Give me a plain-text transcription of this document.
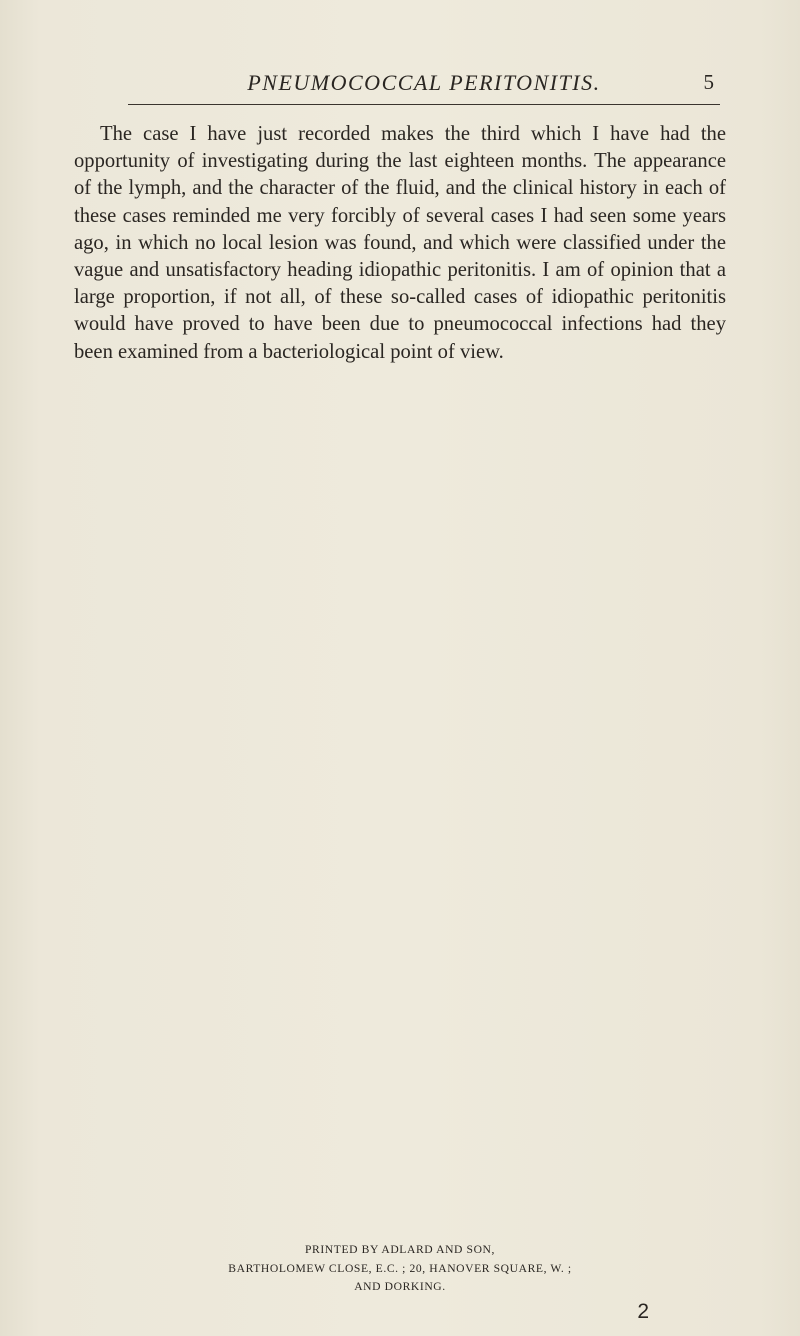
PNEUMOCOCCAL PERITONITIS.	5

The case I have just recorded makes the third which I have had the opportunity of investigating during the last eighteen months. The appearance of the lymph, and the character of the fluid, and the clinical history in each of these cases reminded me very forcibly of several cases I had seen some years ago, in which no local lesion was found, and which were classified under the vague and unsatisfactory heading idiopathic peritonitis. I am of opinion that a large proportion, if not all, of these so-called cases of idiopathic peritonitis would have proved to have been due to pneumococcal infections had they been examined from a bacteriological point of view.

PRINTED BY ADLARD AND SON,
BARTHOLOMEW CLOSE, E.C. ; 20, HANOVER SQUARE, W. ;
AND DORKING.
2
